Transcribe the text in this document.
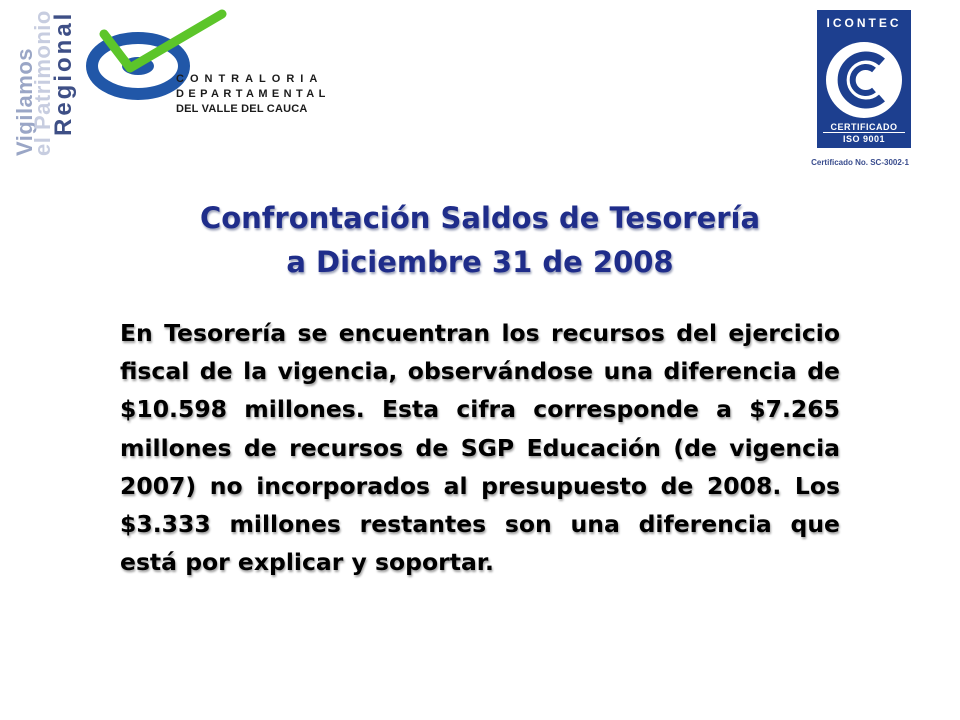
Vigilamos
el Patrimonio
Regional	CONTRALORIA
DEPARTAMENTAL
DEL VALLE DEL CAUCA
ICONTEC
CERTIFICADO
ISO 9001
Certificado No. SC-3002-1
Confrontación Saldos de Tesorería
a Diciembre 31 de 2008
En Tesorería se encuentran los recursos del ejercicio fiscal de la vigencia, observándose una diferencia de $10.598 millones. Esta cifra corresponde a $7.265 millones de recursos de SGP Educación (de vigencia 2007) no incorporados al presupuesto de 2008. Los $3.333 millones restantes son una diferencia que está por explicar y soportar.
